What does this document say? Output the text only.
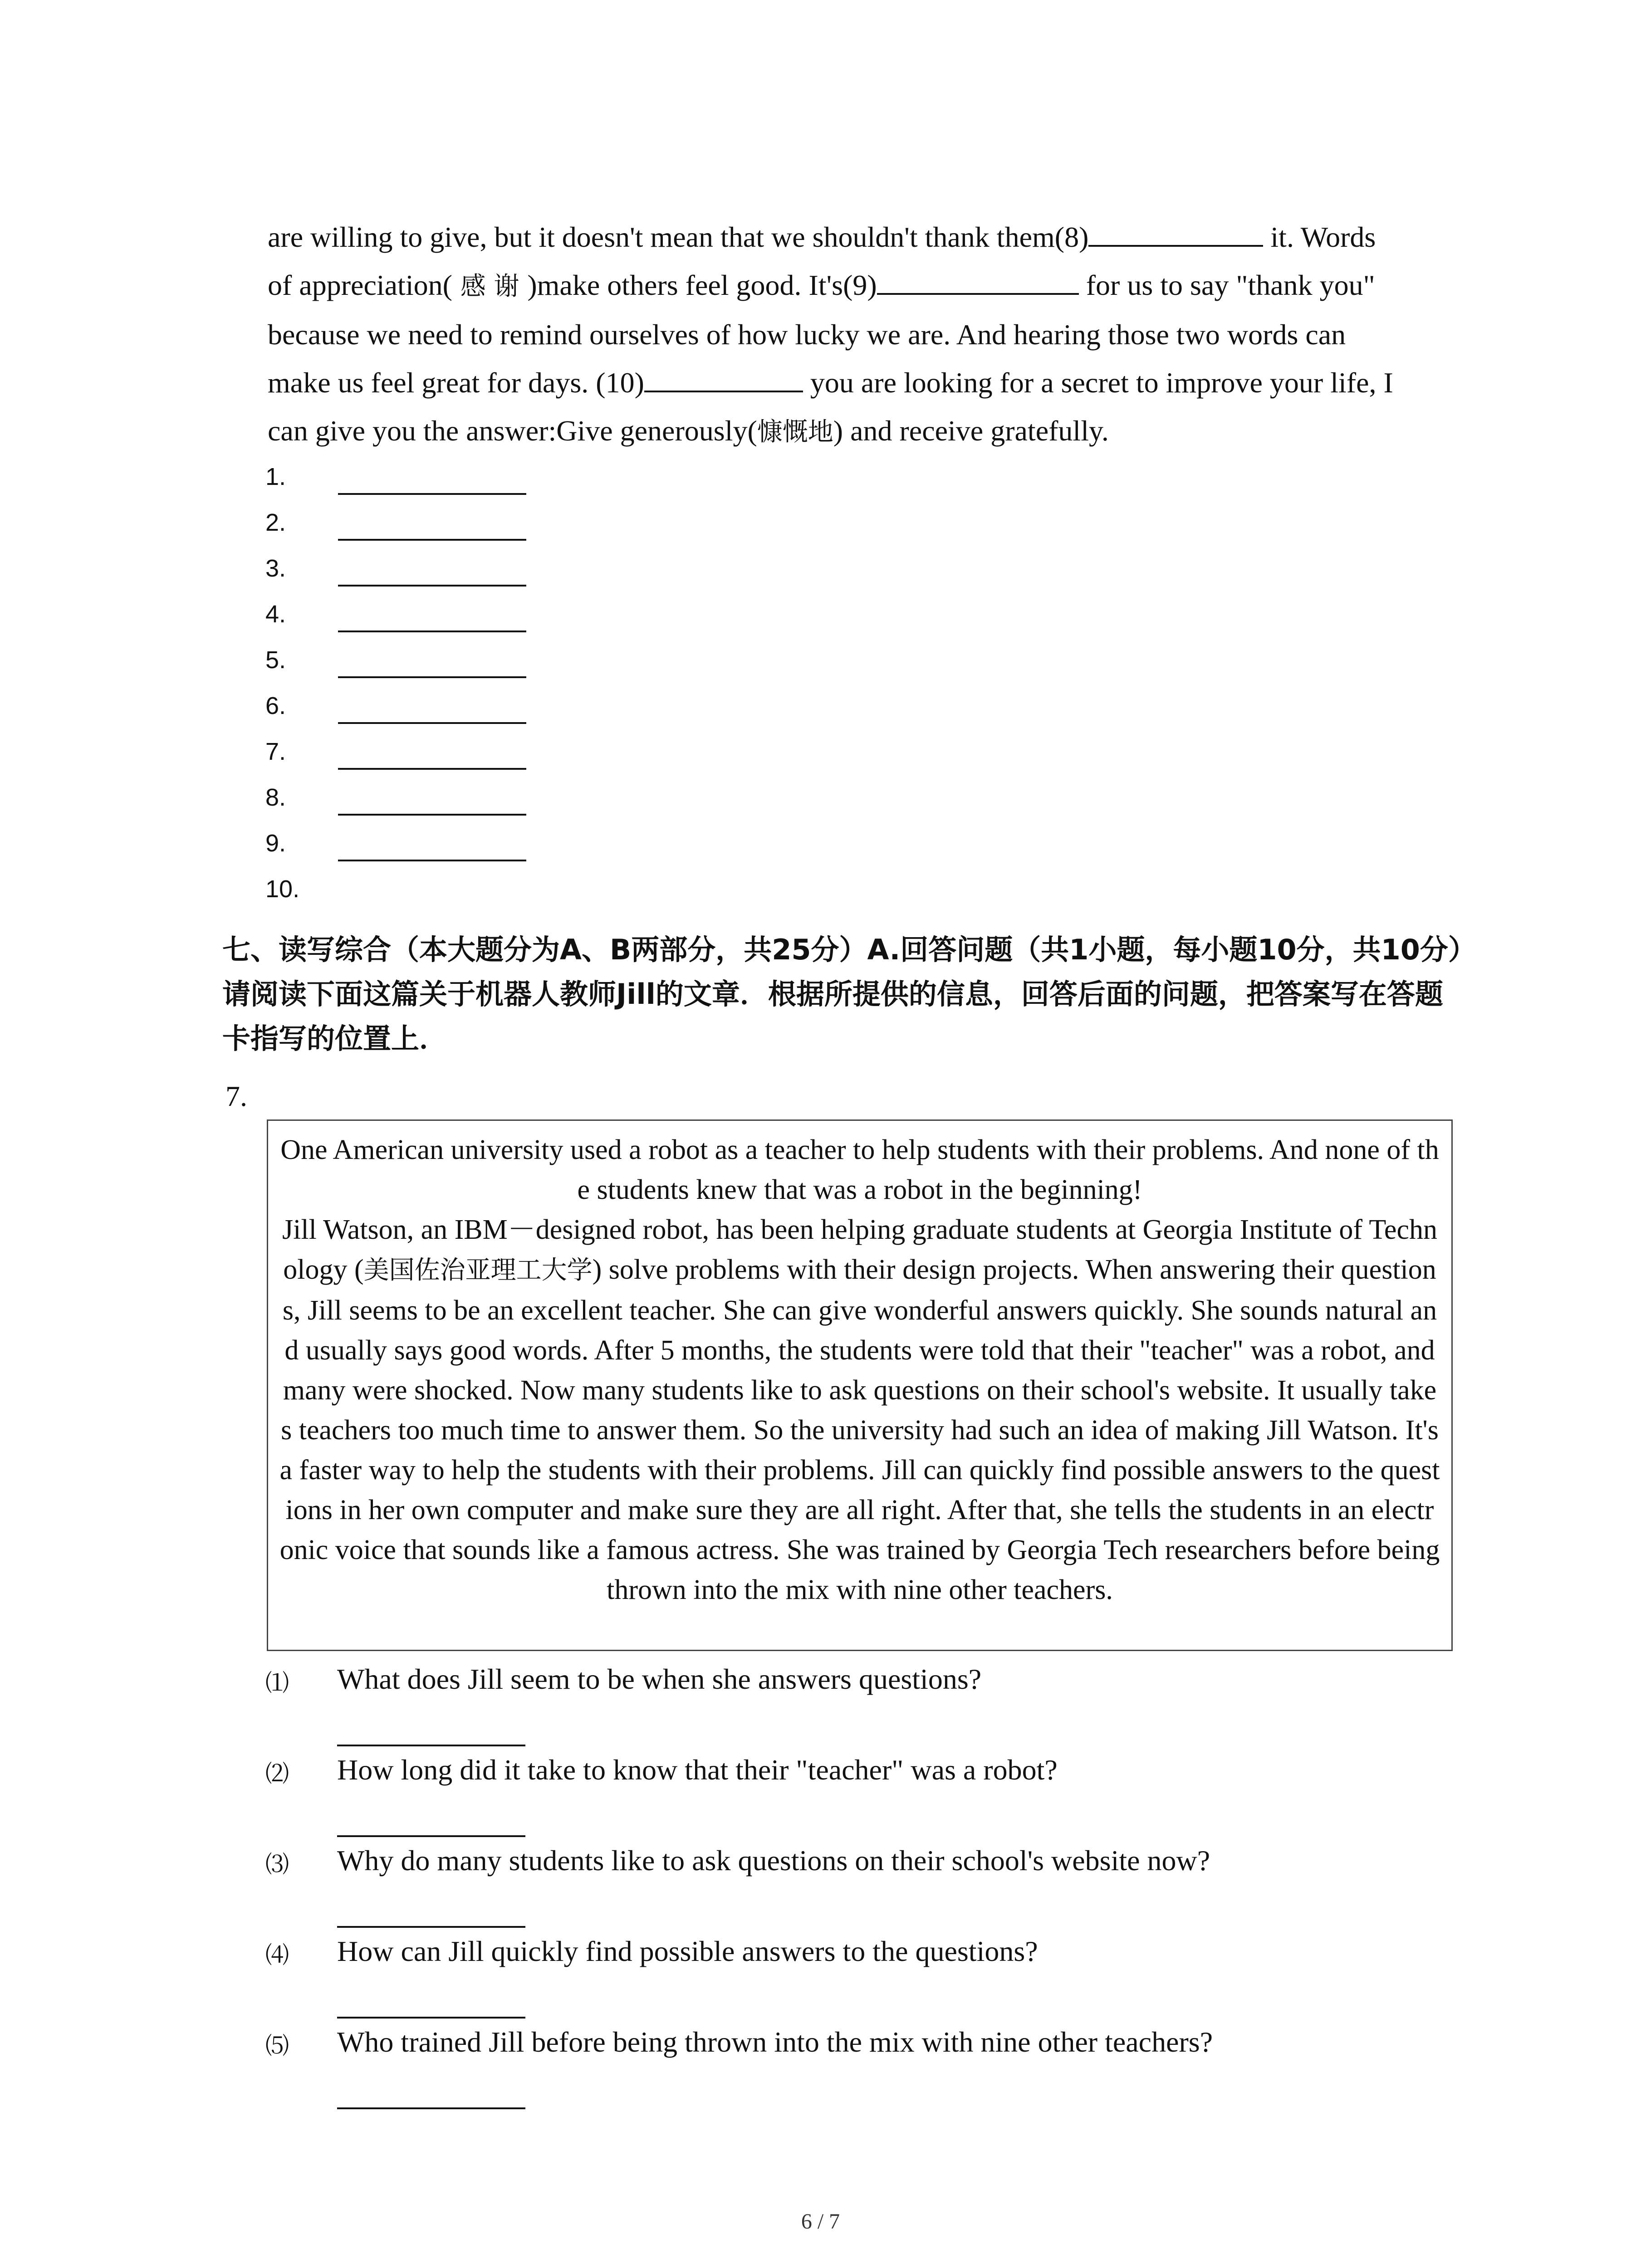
are willing to give, but it doesn't mean that we shouldn't thank them(8)	it. Words

of appreciation( 感 谢 )make others feel good. It's(9)	for us to say "thank you"

because we need to remind ourselves of how lucky we are. And hearing those two words can

make us feel great for days. (10)	you are looking for a secret to improve your life, I

can give you the answer:Give generously(慷慨地) and receive gratefully.

1.
2.
3.
4.
5.
6.
7.
8.
9.
10.
七、读写综合（本大题分为A、B两部分，共25分）A.回答问题（共1小题，每小题10分，共10分）请阅读下面这篇关于机器人教师Jill的文章．根据所提供的信息，回答后面的问题，把答案写在答题卡指写的位置上．
7.

One American university used a robot as a teacher to help students with their problems. And none of the students knew that was a robot in the beginning!

Jill Watson, an IBM－designed robot, has been helping graduate students at Georgia Institute of Technology (美国佐治亚理工大学) solve problems with their design projects. When answering their questions, Jill seems to be an excellent teacher. She can give wonderful answers quickly. She sounds natural and usually says good words. After 5 months, the students were told that their "teacher" was a robot, and many were shocked. Now many students like to ask questions on their school's website. It usually takes teachers too much time to answer them. So the university had such an idea of making Jill Watson. It's a faster way to help the students with their problems. Jill can quickly find possible answers to the questions in her own computer and make sure they are all right. After that, she tells the students in an electronic voice that sounds like a famous actress. She was trained by Georgia Tech researchers before being thrown into the mix with nine other teachers.

⑴ What does Jill seem to be when she answers questions?
⑵ How long did it take to know that their "teacher" was a robot?
⑶ Why do many students like to ask questions on their school's website now?
⑷ How can Jill quickly find possible answers to the questions?
⑸ Who trained Jill before being thrown into the mix with nine other teachers?
6 / 7
